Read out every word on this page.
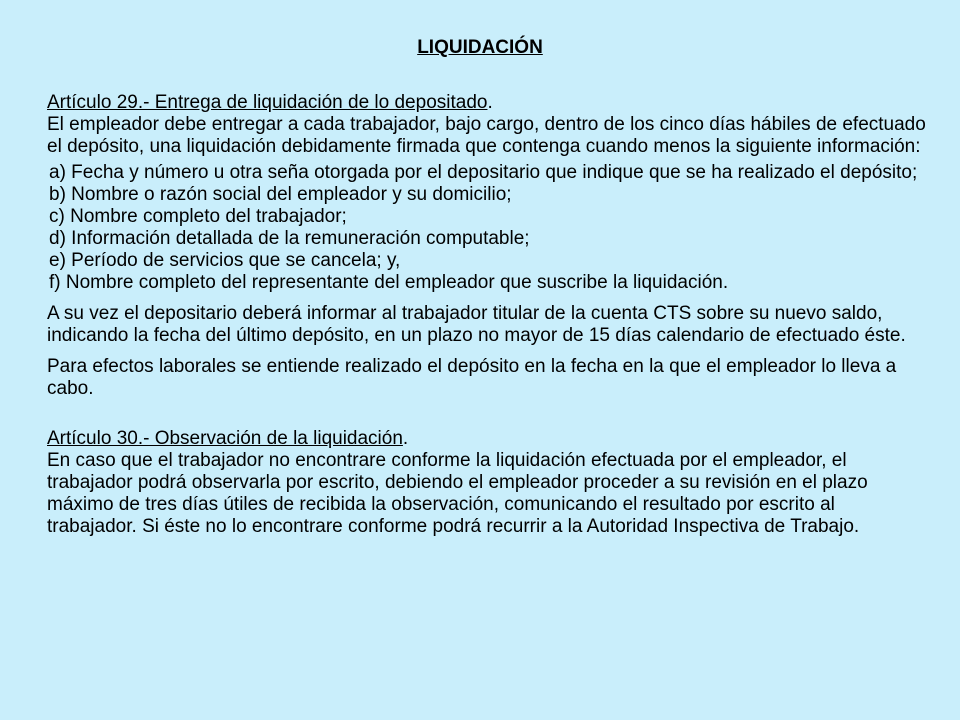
LIQUIDACIÓN

Artículo 29.- Entrega de liquidación de lo depositado.
El empleador debe entregar a cada trabajador, bajo cargo, dentro de los cinco días hábiles de efectuado el depósito, una liquidación debidamente firmada que contenga cuando menos la siguiente información:

a) Fecha y número u otra seña otorgada por el depositario que indique que se ha realizado el depósito;
b) Nombre o razón social del empleador y su domicilio;
c) Nombre completo del trabajador;
d) Información detallada de la remuneración computable;
e) Período de servicios que se cancela; y,
f) Nombre completo del representante del empleador que suscribe la liquidación.

A su vez el depositario deberá informar al trabajador titular de la cuenta CTS sobre su nuevo saldo, indicando la fecha del último depósito, en un plazo no mayor de 15 días calendario de efectuado éste.

Para efectos laborales se entiende realizado el depósito en la fecha en la que el empleador lo lleva a cabo.

Artículo 30.- Observación de la liquidación.
En caso que el trabajador no encontrare conforme la liquidación efectuada por el empleador, el trabajador podrá observarla por escrito, debiendo el empleador proceder a su revisión en el plazo máximo de tres días útiles de recibida la observación, comunicando el resultado por escrito al trabajador. Si éste no lo encontrare conforme podrá recurrir a la Autoridad Inspectiva de Trabajo.
